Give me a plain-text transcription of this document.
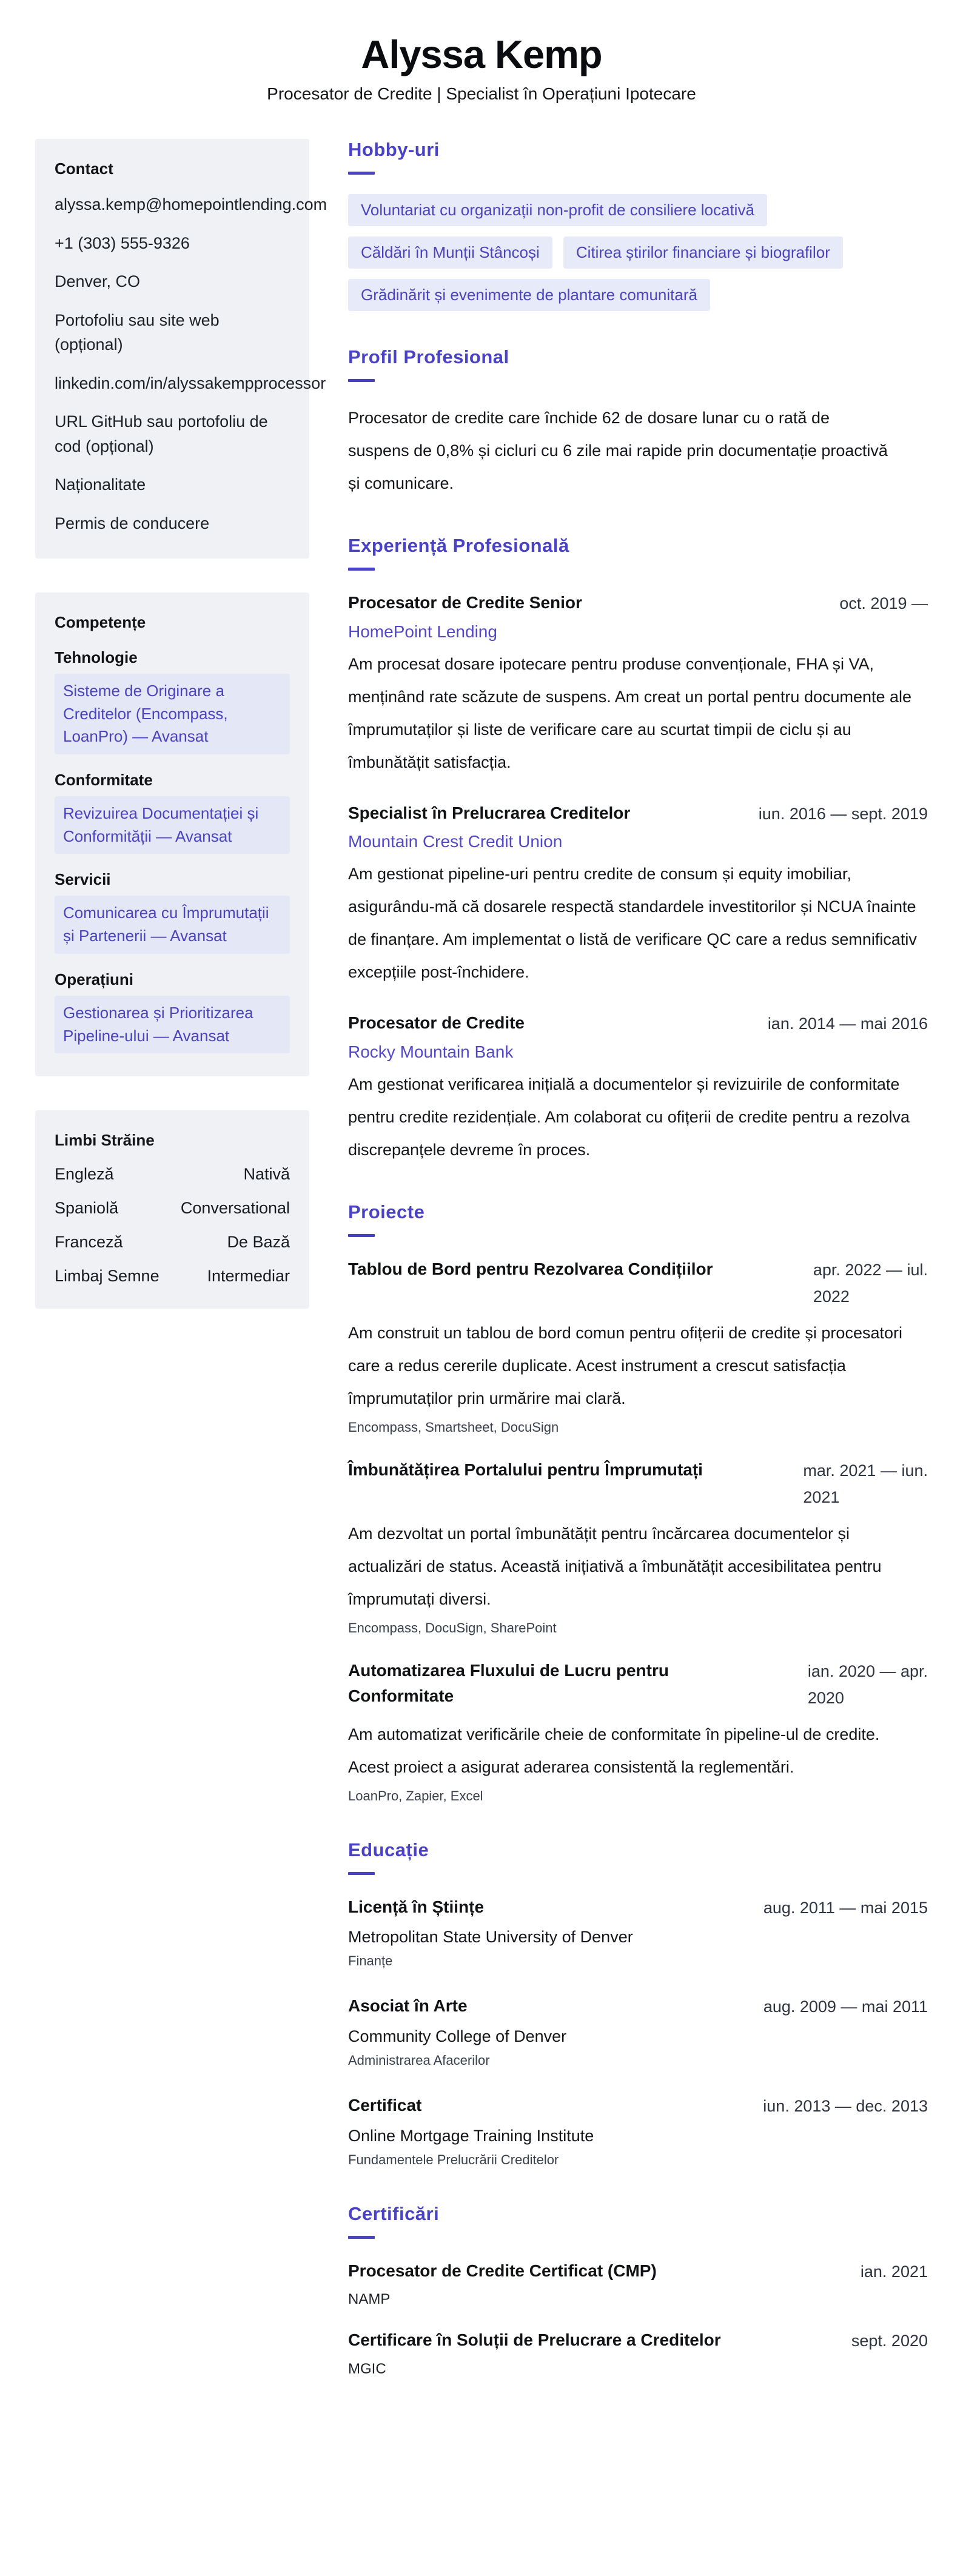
Alyssa Kemp
Procesator de Credite | Specialist în Operațiuni Ipotecare
Contact
alyssa.kemp@homepointlending.com
+1 (303) 555-9326
Denver, CO
Portofoliu sau site web (opțional)
linkedin.com/in/alyssakempprocessor
URL GitHub sau portofoliu de cod (opțional)
Naționalitate
Permis de conducere
Competențe
Tehnologie
Sisteme de Originare a Creditelor (Encompass, LoanPro) — Avansat
Conformitate
Revizuirea Documentației și Conformității — Avansat
Servicii
Comunicarea cu Împrumutații și Partenerii — Avansat
Operațiuni
Gestionarea și Prioritizarea Pipeline-ului — Avansat
Limbi Străine
Engleză	Nativă
Spaniolă	Conversational
Franceză	De Bază
Limbaj Semne	Intermediar
Hobby-uri
Voluntariat cu organizații non-profit de consiliere locativă
Căldări în Munții Stâncoși	Citirea știrilor financiare și biografilor
Grădinărit și evenimente de plantare comunitară
Profil Profesional

Procesator de credite care închide 62 de dosare lunar cu o rată de suspens de 0,8% și cicluri cu 6 zile mai rapide prin documentație proactivă și comunicare.

Experiență Profesională
Procesator de Credite Senior	oct. 2019 —
HomePoint Lending

Am procesat dosare ipotecare pentru produse convenționale, FHA și VA, menținând rate scăzute de suspens. Am creat un portal pentru documente ale împrumutaților și liste de verificare care au scurtat timpii de ciclu și au îmbunătățit satisfacția.

Specialist în Prelucrarea Creditelor	iun. 2016 — sept. 2019
Mountain Crest Credit Union

Am gestionat pipeline-uri pentru credite de consum și equity imobiliar, asigurându-mă că dosarele respectă standardele investitorilor și NCUA înainte de finanțare. Am implementat o listă de verificare QC care a redus semnificativ excepțiile post-închidere.

Procesator de Credite	ian. 2014 — mai 2016
Rocky Mountain Bank

Am gestionat verificarea inițială a documentelor și revizuirile de conformitate pentru credite rezidențiale. Am colaborat cu ofițerii de credite pentru a rezolva discrepanțele devreme în proces.

Proiecte
Tablou de Bord pentru Rezolvarea Condițiilor	apr. 2022 — iul.
2022

Am construit un tablou de bord comun pentru ofițerii de credite și procesatori care a redus cererile duplicate. Acest instrument a crescut satisfacția împrumutaților prin urmărire mai clară.

Encompass, Smartsheet, DocuSign
Îmbunătățirea Portalului pentru Împrumutați	mar. 2021 — iun.
2021

Am dezvoltat un portal îmbunătățit pentru încărcarea documentelor și actualizări de status. Această inițiativă a îmbunătățit accesibilitatea pentru împrumutați diversi.

Encompass, DocuSign, SharePoint
Automatizarea Fluxului de Lucru pentru Conformitate
ian. 2020 — apr.
2020

Am automatizat verificările cheie de conformitate în pipeline-ul de credite. Acest proiect a asigurat aderarea consistentă la reglementări.

LoanPro, Zapier, Excel
Educație
Licență în Științe	aug. 2011 — mai 2015
Metropolitan State University of Denver
Finanțe
Asociat în Arte	aug. 2009 — mai 2011
Community College of Denver
Administrarea Afacerilor
Certificat	iun. 2013 — dec. 2013
Online Mortgage Training Institute
Fundamentele Prelucrării Creditelor
Certificări
Procesator de Credite Certificat (CMP)	ian. 2021
NAMP
Certificare în Soluții de Prelucrare a Creditelor	sept. 2020
MGIC
